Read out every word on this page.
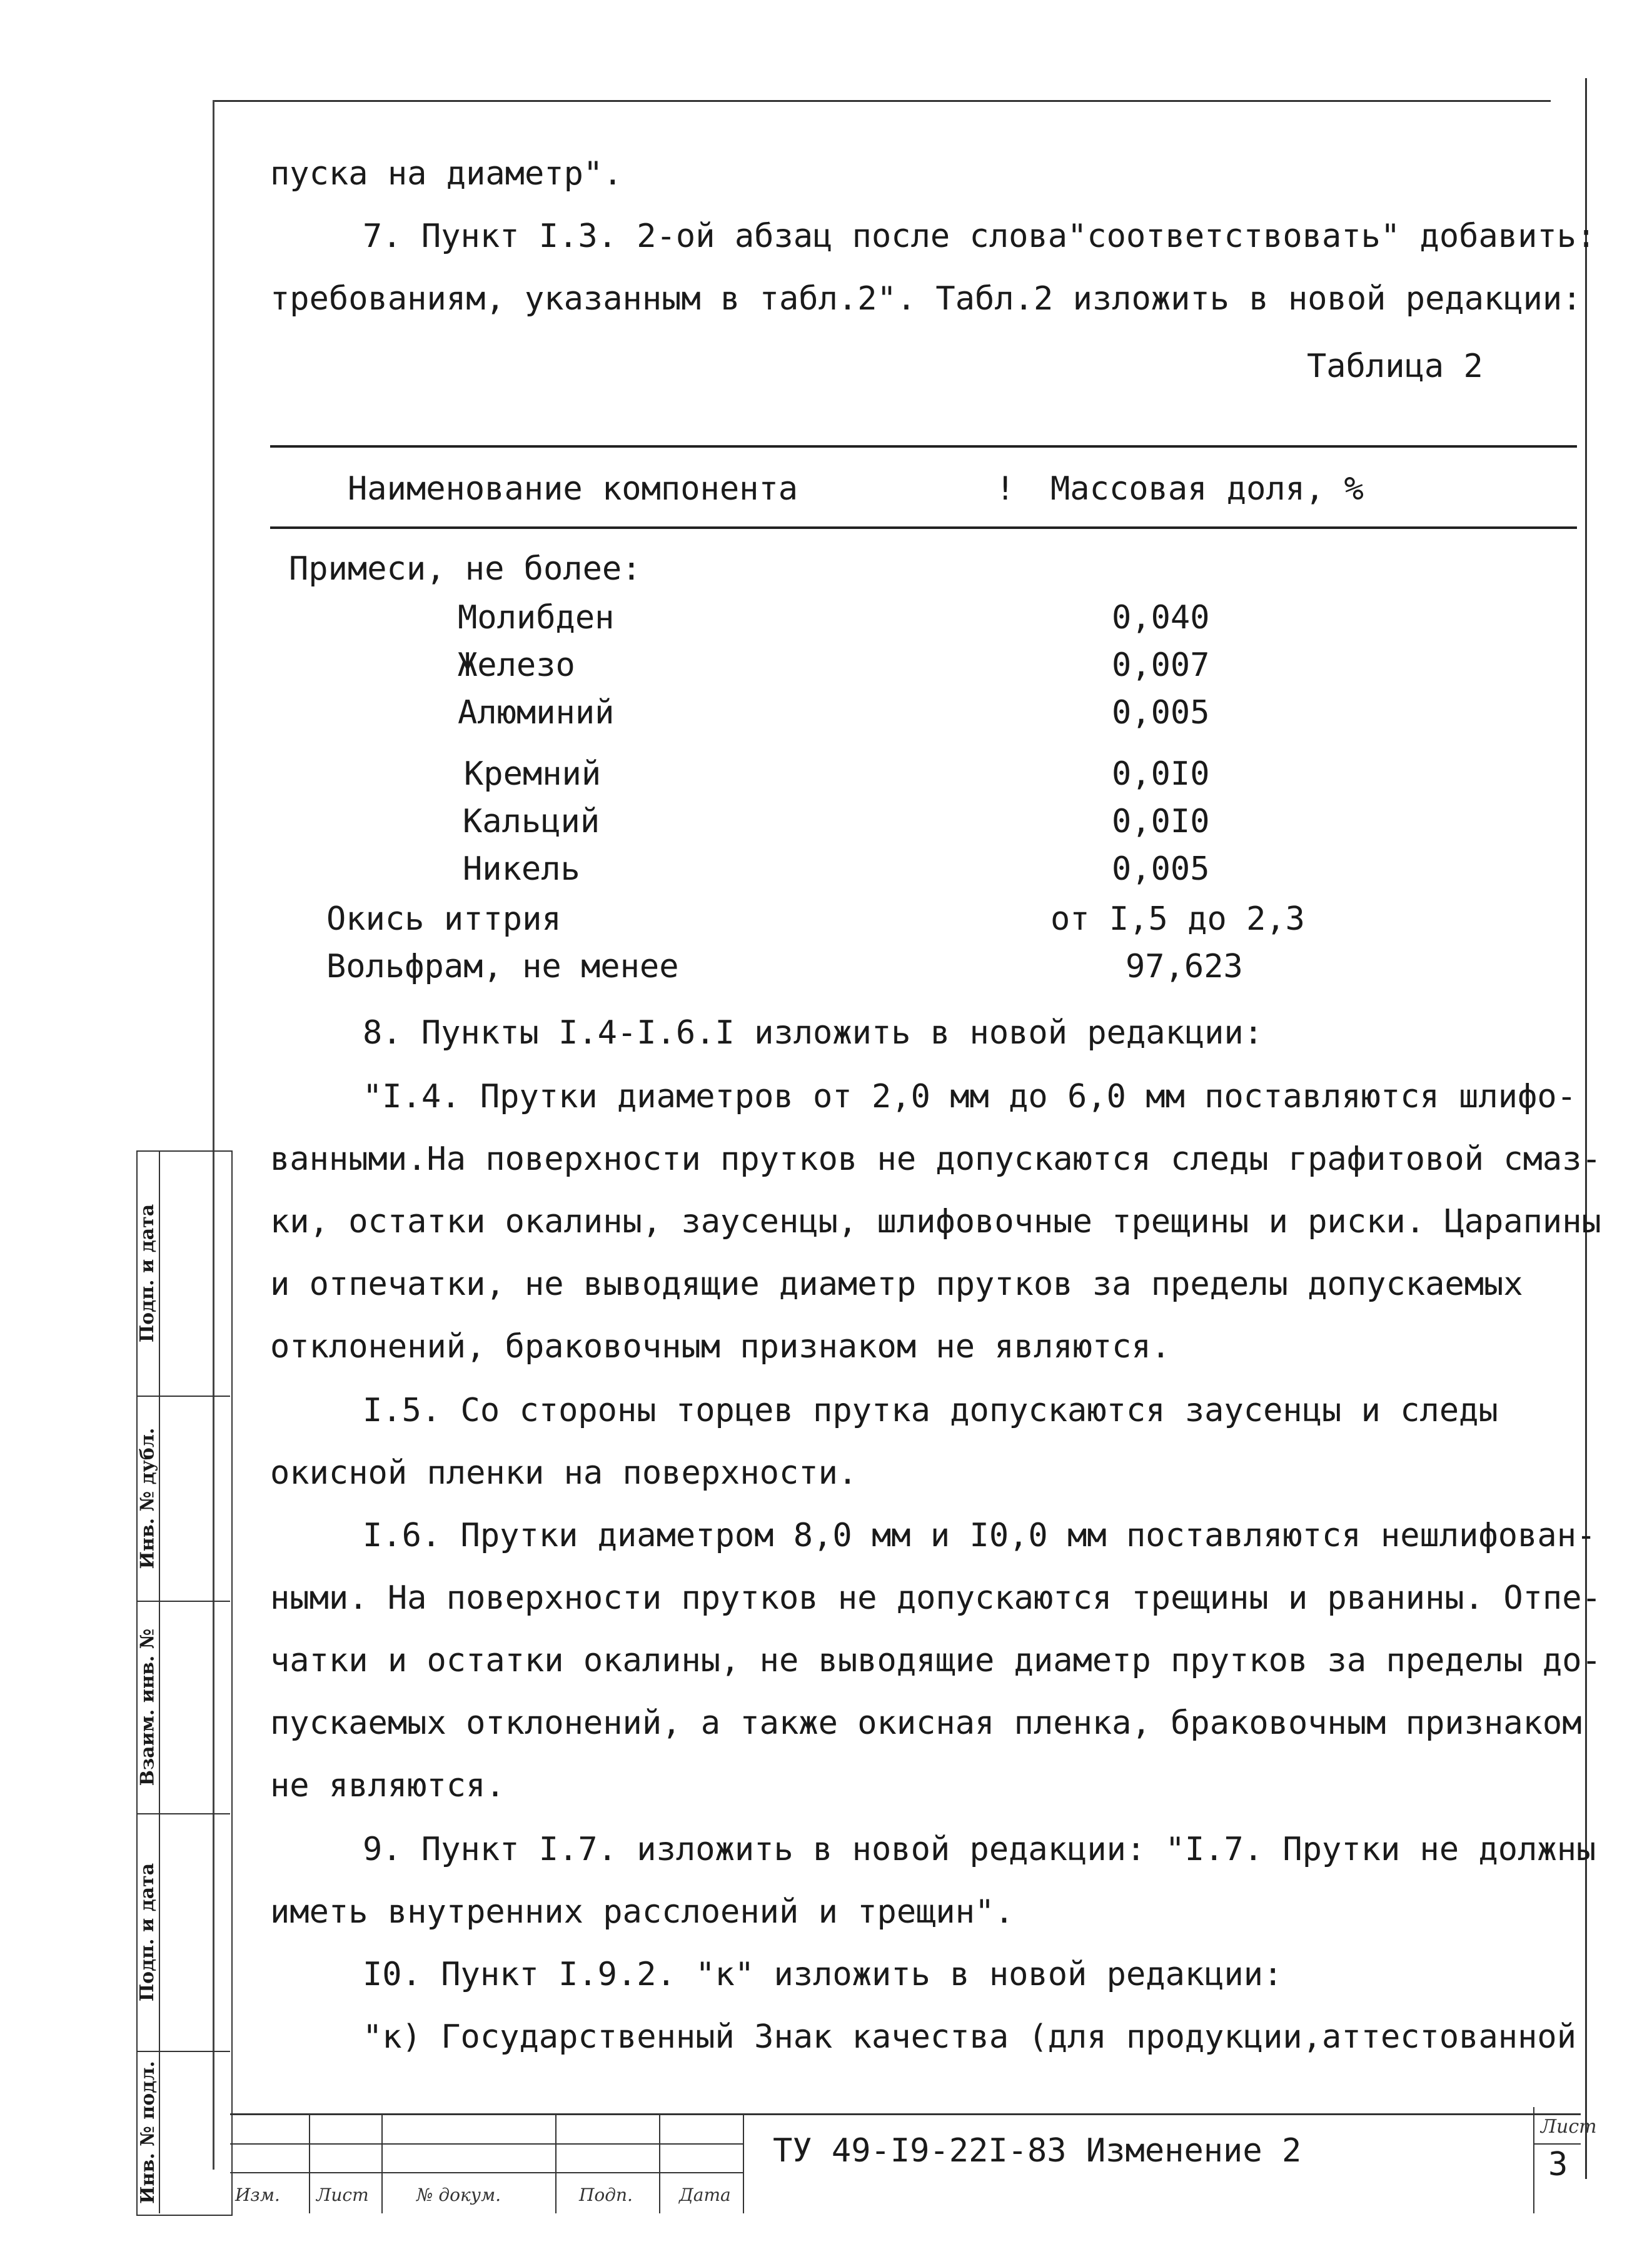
пуска на диаметр".
7. Пункт I.3. 2-ой абзац после слова"соответствовать" добавить:
требованиям, указанным в табл.2". Табл.2 изложить в новой редакции:
Таблица 2
Наименование компонента	! Массовая доля, %
Примеси, не более:
Молибден	0,040
Железо	0,007
Алюминий	0,005
Кремний	0,0I0
Кальций	0,0I0
Никель	0,005
Окись иттрия	от I,5 до 2,3
Вольфрам, не менее	97,623
8. Пункты I.4-I.6.I изложить в новой редакции:
"I.4. Прутки диаметров от 2,0 мм до 6,0 мм поставляются шлифо-
ванными.На поверхности прутков не допускаются следы графитовой смаз-
ки, остатки окалины, заусенцы, шлифовочные трещины и риски. Царапины
и отпечатки, не выводящие диаметр прутков за пределы допускаемых
отклонений, браковочным признаком не являются.
I.5. Со стороны торцев прутка допускаются заусенцы и следы
окисной пленки на поверхности.
I.6. Прутки диаметром 8,0 мм и I0,0 мм поставляются нешлифован-
ными. На поверхности прутков не допускаются трещины и рванины. Отпе-
чатки и остатки окалины, не выводящие диаметр прутков за пределы до-
пускаемых отклонений, а также окисная пленка, браковочным признаком
не являются.
9. Пункт I.7. изложить в новой редакции: "I.7. Прутки не должны
иметь внутренних расслоений и трещин".
I0. Пункт I.9.2. "к" изложить в новой редакции:
"к) Государственный Знак качества (для продукции,аттестованной
Подп. и дата
Инв. № дубл.
Взаим. инв. №
Подп. и дата
Инв. № подл.	Изм. Лист	№ докум.	Подп.	Дата
ТУ 49-I9-22I-83 Изменение 2
Лист
3
